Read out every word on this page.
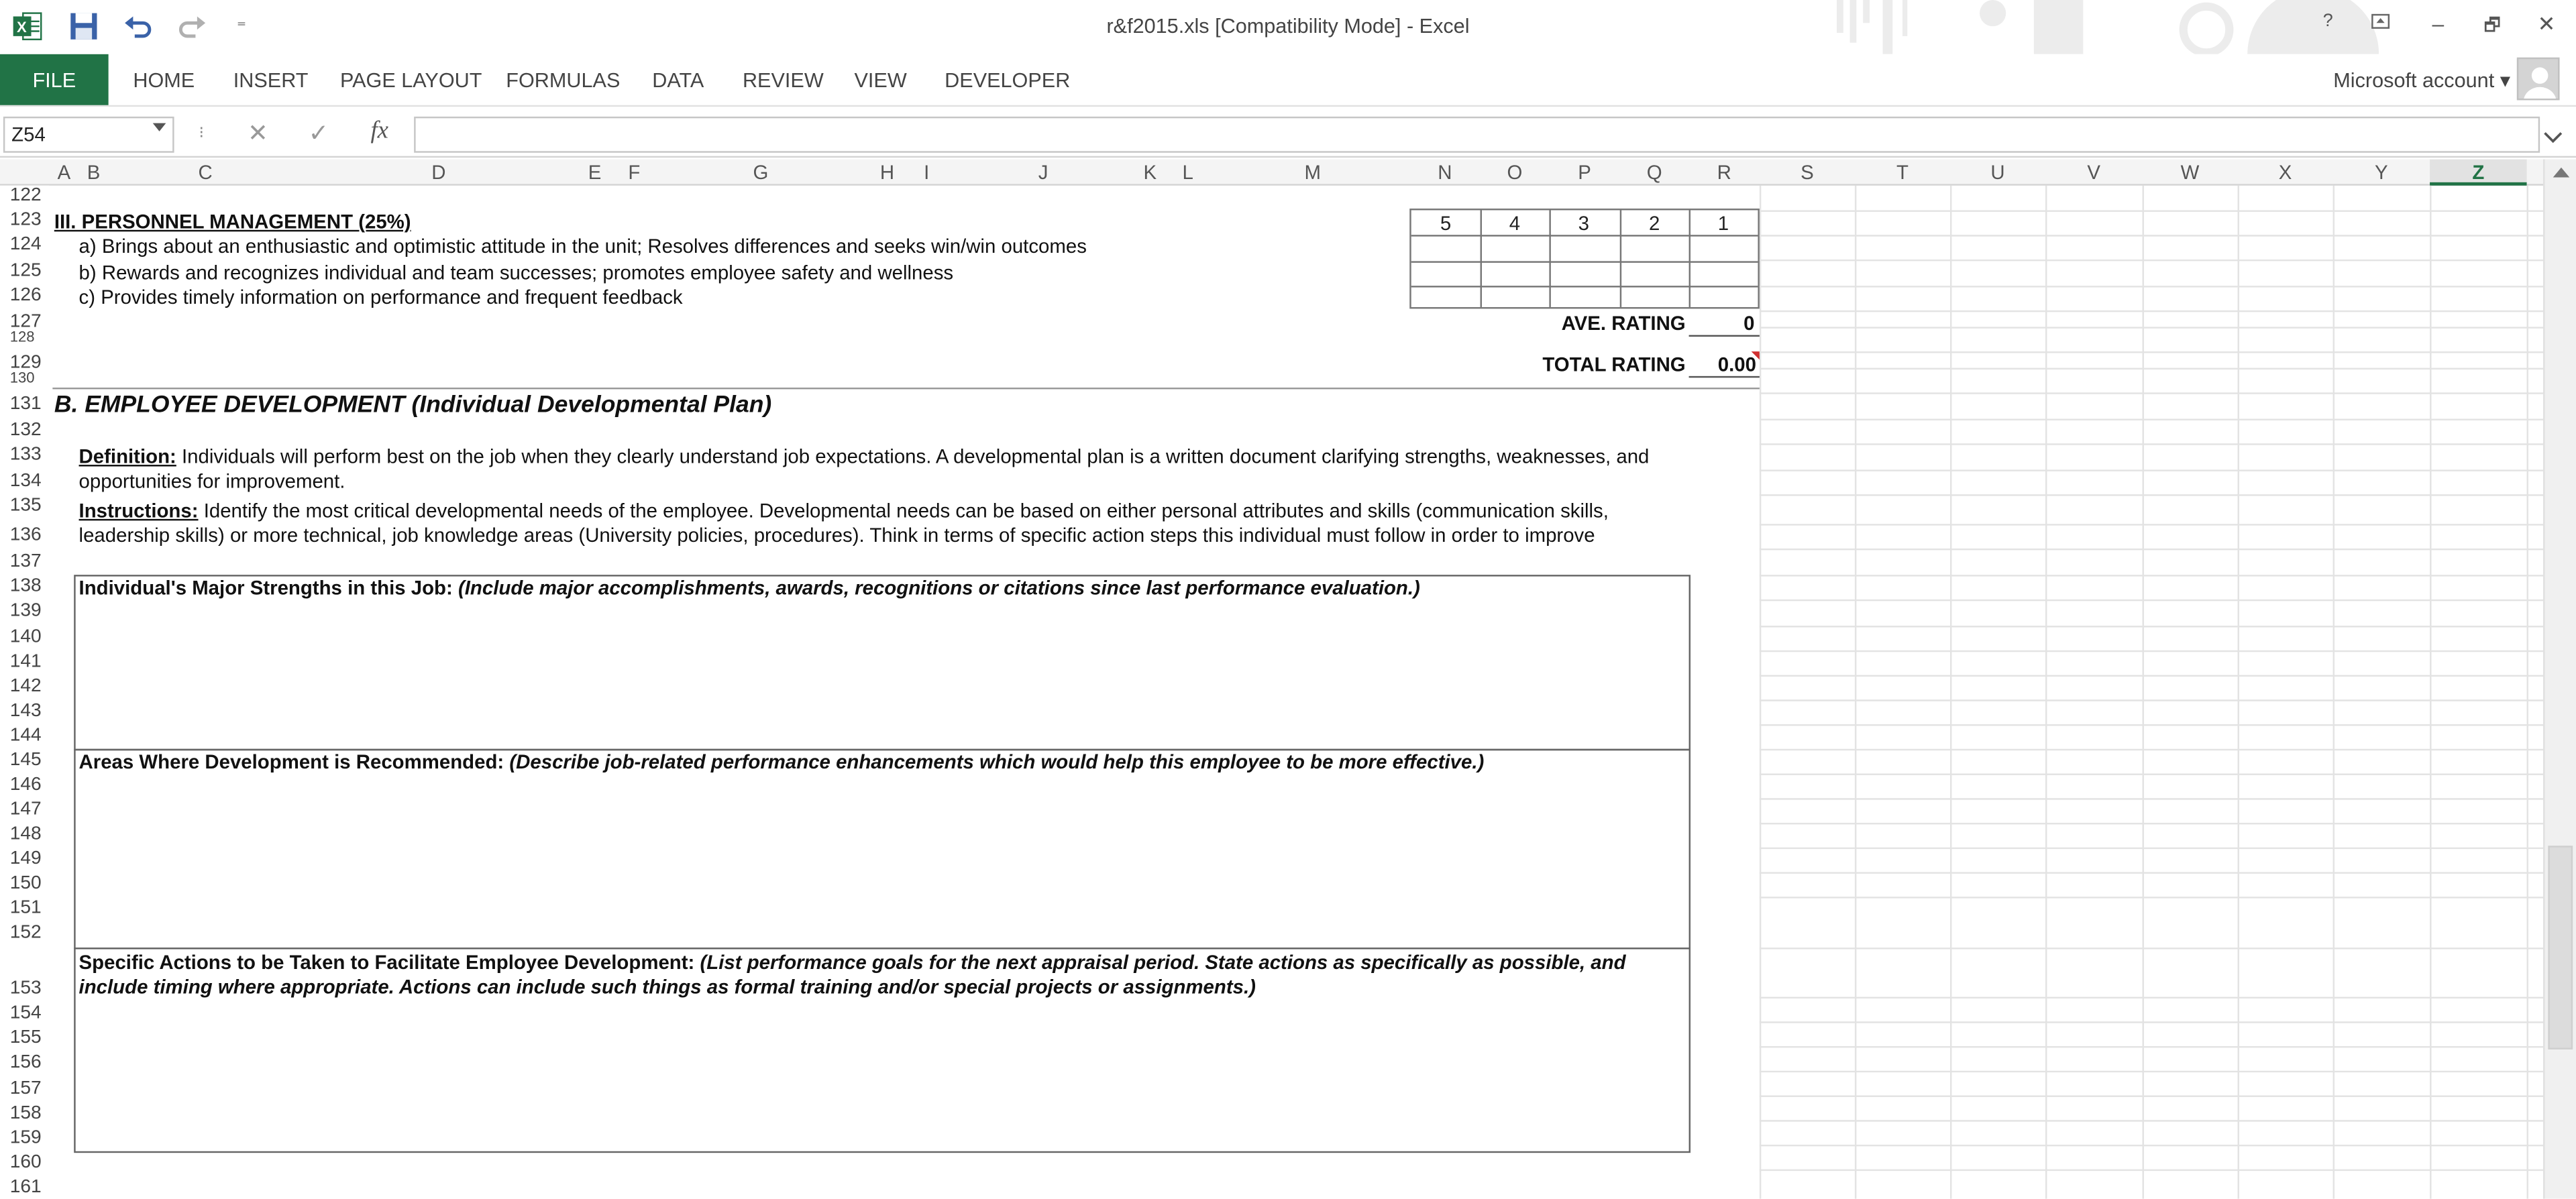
X	⁼	r&f2015.xls [Compatibility Mode] - Excel	?	–	🗗	✕
FILE	HOME	INSERT	PAGE LAYOUT	FORMULAS	DATA	REVIEW	VIEW	DEVELOPER	Microsoft account ▾
Z54	⁝	✕	✓	fx
A	B	C	D	E	F	G	H	I	J	K	L	M	N	O	P	Q	R	S	T	U	V	W	X	Y	Z
122
123
124
125
126
127
128
129
130
131
132
133
134
135
136
137
138
139
140
141
142
143
144
145
146
147
148
149
150
151
152
153
154
155
156
157
158
159
160
161
III. PERSONNEL MANAGEMENT (25%)
a) Brings about an enthusiastic and optimistic attitude in the unit; Resolves differences and seeks win/win outcomes
b) Rewards and recognizes individual and team successes; promotes employee safety and wellness
c) Provides timely information on performance and frequent feedback
5	4	3	2	1
AVE. RATING	0
TOTAL RATING	0.00
B. EMPLOYEE DEVELOPMENT (Individual Developmental Plan)
Definition: Individuals will perform best on the job when they clearly understand job expectations. A developmental plan is a written document clarifying strengths, weaknesses, and
opportunities for improvement.
Instructions: Identify the most critical developmental needs of the employee. Developmental needs can be based on either personal attributes and skills (communication skills,
leadership skills) or more technical, job knowledge areas (University policies, procedures). Think in terms of specific action steps this individual must follow in order to improve
Individual's Major Strengths in this Job: (Include major accomplishments, awards, recognitions or citations since last performance evaluation.)
Areas Where Development is Recommended: (Describe job-related performance enhancements which would help this employee to be more effective.)
Specific Actions to be Taken to Facilitate Employee Development: (List performance goals for the next appraisal period. State actions as specifically as possible, and
include timing where appropriate. Actions can include such things as formal training and/or special projects or assignments.)
